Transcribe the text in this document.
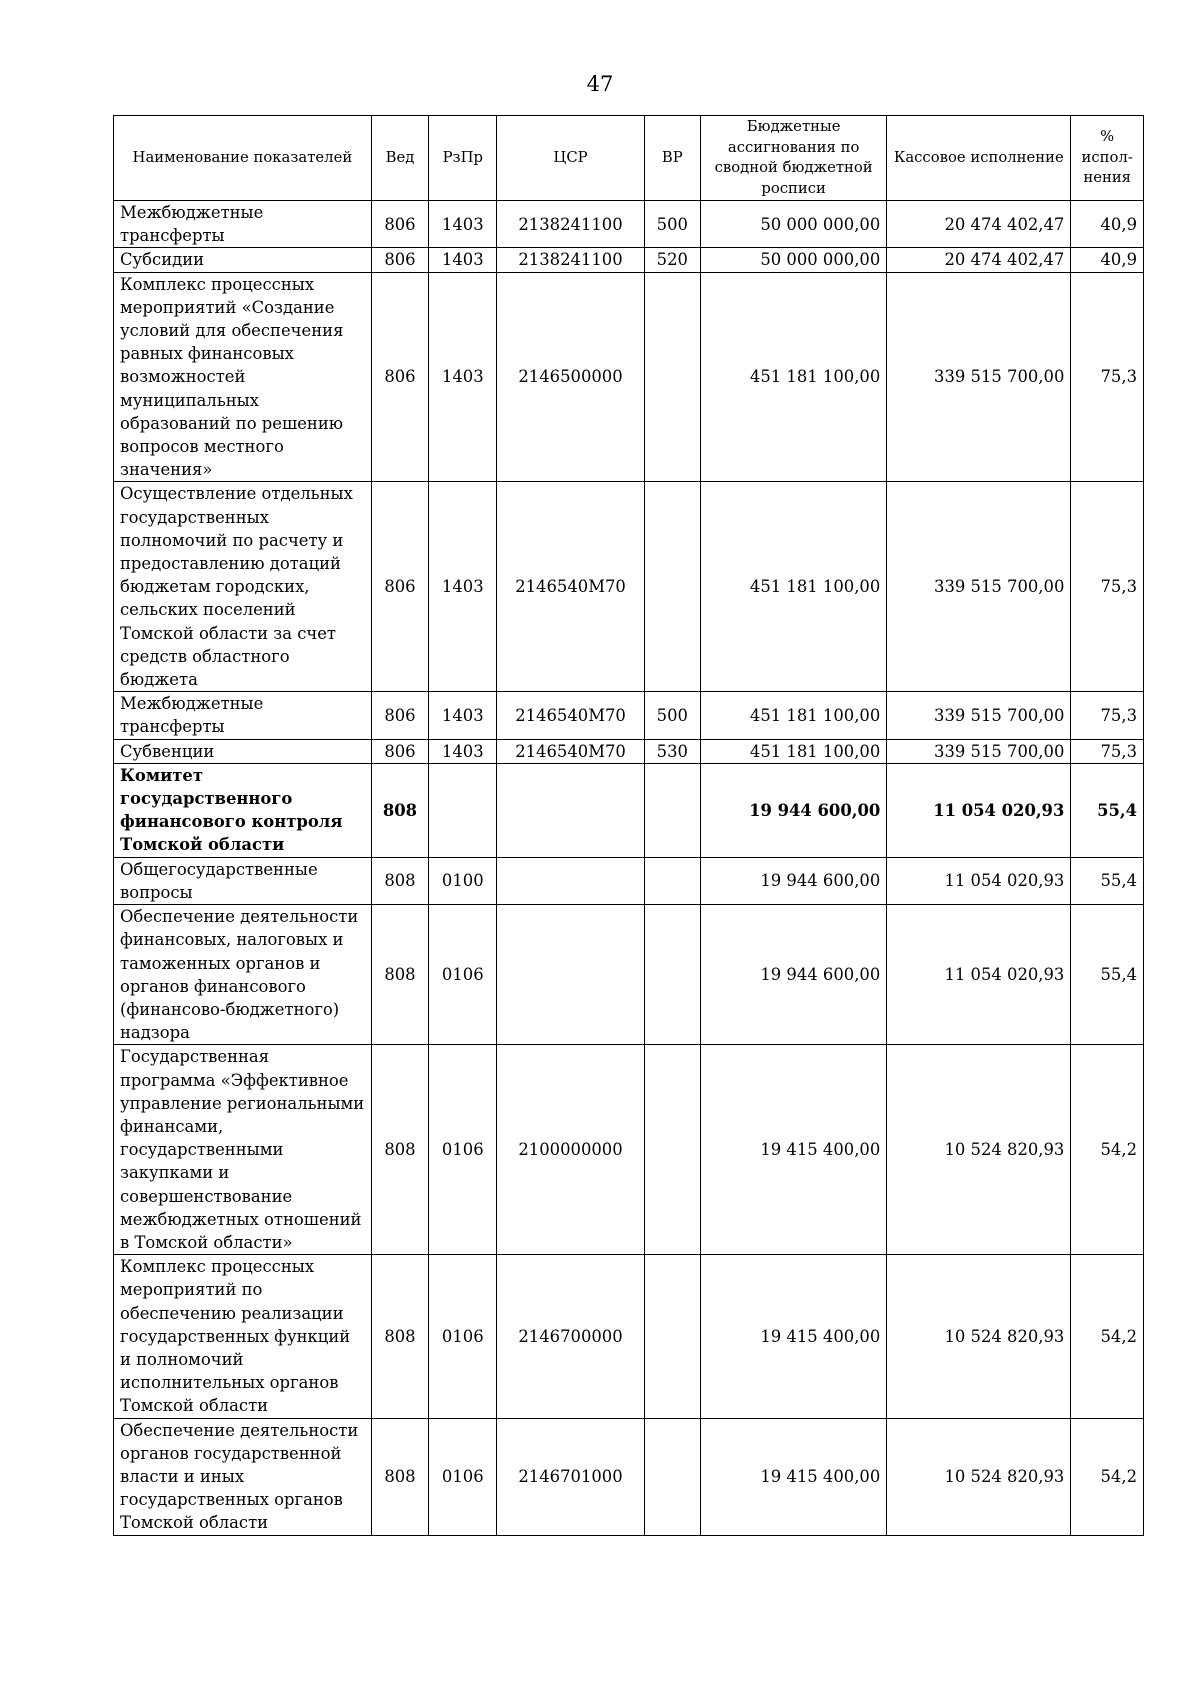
47
Наименование показателей	Вед	РзПр	ЦСР	ВР	Бюджетные ассигнования по сводной бюджетной росписи	Кассовое исполнение	% испол-нения
Межбюджетные трансферты	806	1403	2138241100	500	50 000 000,00	20 474 402,47	40,9
Субсидии	806	1403	2138241100	520	50 000 000,00	20 474 402,47	40,9
Комплекс процессных мероприятий «Создание условий для обеспечения равных финансовых возможностей муниципальных образований по решению вопросов местного значения»	806	1403	2146500000		451 181 100,00	339 515 700,00	75,3
Осуществление отдельных государственных полномочий по расчету и предоставлению дотаций бюджетам городских, сельских поселений Томской области за счет средств областного бюджета	806	1403	2146540М70		451 181 100,00	339 515 700,00	75,3
Межбюджетные трансферты	806	1403	2146540М70	500	451 181 100,00	339 515 700,00	75,3
Субвенции	806	1403	2146540М70	530	451 181 100,00	339 515 700,00	75,3
Комитет государственного финансового контроля Томской области	808				19 944 600,00	11 054 020,93	55,4
Общегосударственные вопросы	808	0100			19 944 600,00	11 054 020,93	55,4
Обеспечение деятельности финансовых, налоговых и таможенных органов и органов финансового (финансово-бюджетного) надзора	808	0106			19 944 600,00	11 054 020,93	55,4
Государственная программа «Эффективное управление региональными финансами, государственными закупками и совершенствование межбюджетных отношений в Томской области»	808	0106	2100000000		19 415 400,00	10 524 820,93	54,2
Комплекс процессных мероприятий по обеспечению реализации государственных функций и полномочий исполнительных органов Томской области	808	0106	2146700000		19 415 400,00	10 524 820,93	54,2
Обеспечение деятельности органов государственной власти и иных государственных органов Томской области	808	0106	2146701000		19 415 400,00	10 524 820,93	54,2
